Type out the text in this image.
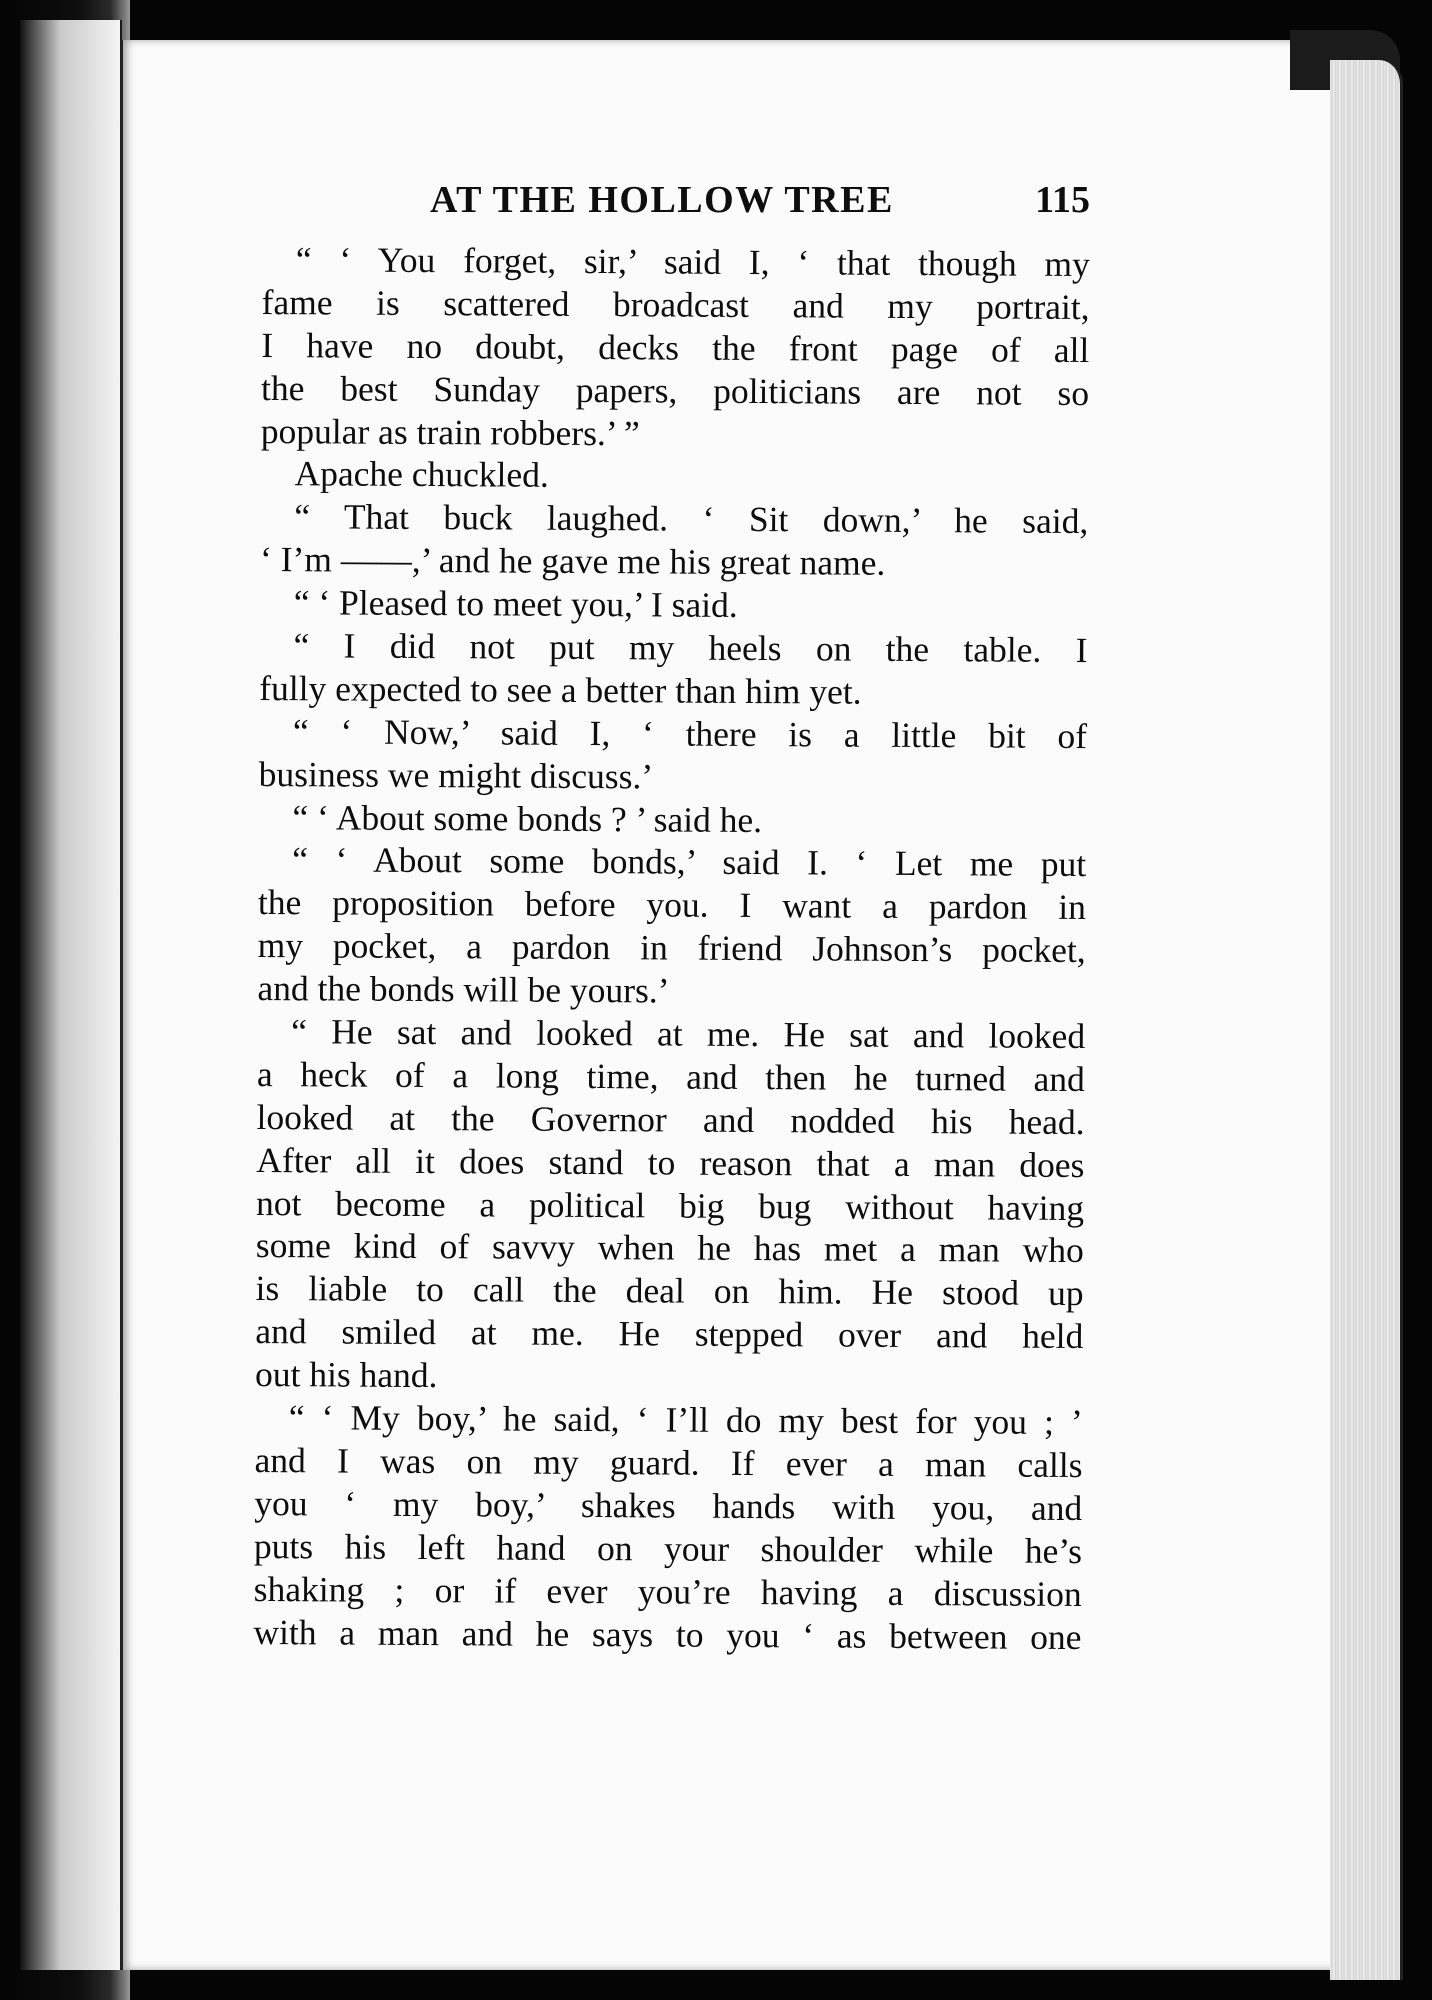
AT THE HOLLOW TREE	115
“ ‘ You forget, sir,’ said I, ‘ that though my
fame is scattered broadcast and my portrait,
I have no doubt, decks the front page of all
the best Sunday papers, politicians are not so
popular as train robbers.’ ”
Apache chuckled.
“ That buck laughed. ‘ Sit down,’ he said,
‘ I’m ——,’ and he gave me his great name.
“ ‘ Pleased to meet you,’ I said.
“ I did not put my heels on the table. I
fully expected to see a better than him yet.
“ ‘ Now,’ said I, ‘ there is a little bit of
business we might discuss.’
“ ‘ About some bonds ? ’ said he.
“ ‘ About some bonds,’ said I. ‘ Let me put
the proposition before you. I want a pardon in
my pocket, a pardon in friend Johnson’s pocket,
and the bonds will be yours.’
“ He sat and looked at me. He sat and looked
a heck of a long time, and then he turned and
looked at the Governor and nodded his head.
After all it does stand to reason that a man does
not become a political big bug without having
some kind of savvy when he has met a man who
is liable to call the deal on him. He stood up
and smiled at me. He stepped over and held
out his hand.
“ ‘ My boy,’ he said, ‘ I’ll do my best for you ; ’
and I was on my guard. If ever a man calls
you ‘ my boy,’ shakes hands with you, and
puts his left hand on your shoulder while he’s
shaking ; or if ever you’re having a discussion
with a man and he says to you ‘ as between one
